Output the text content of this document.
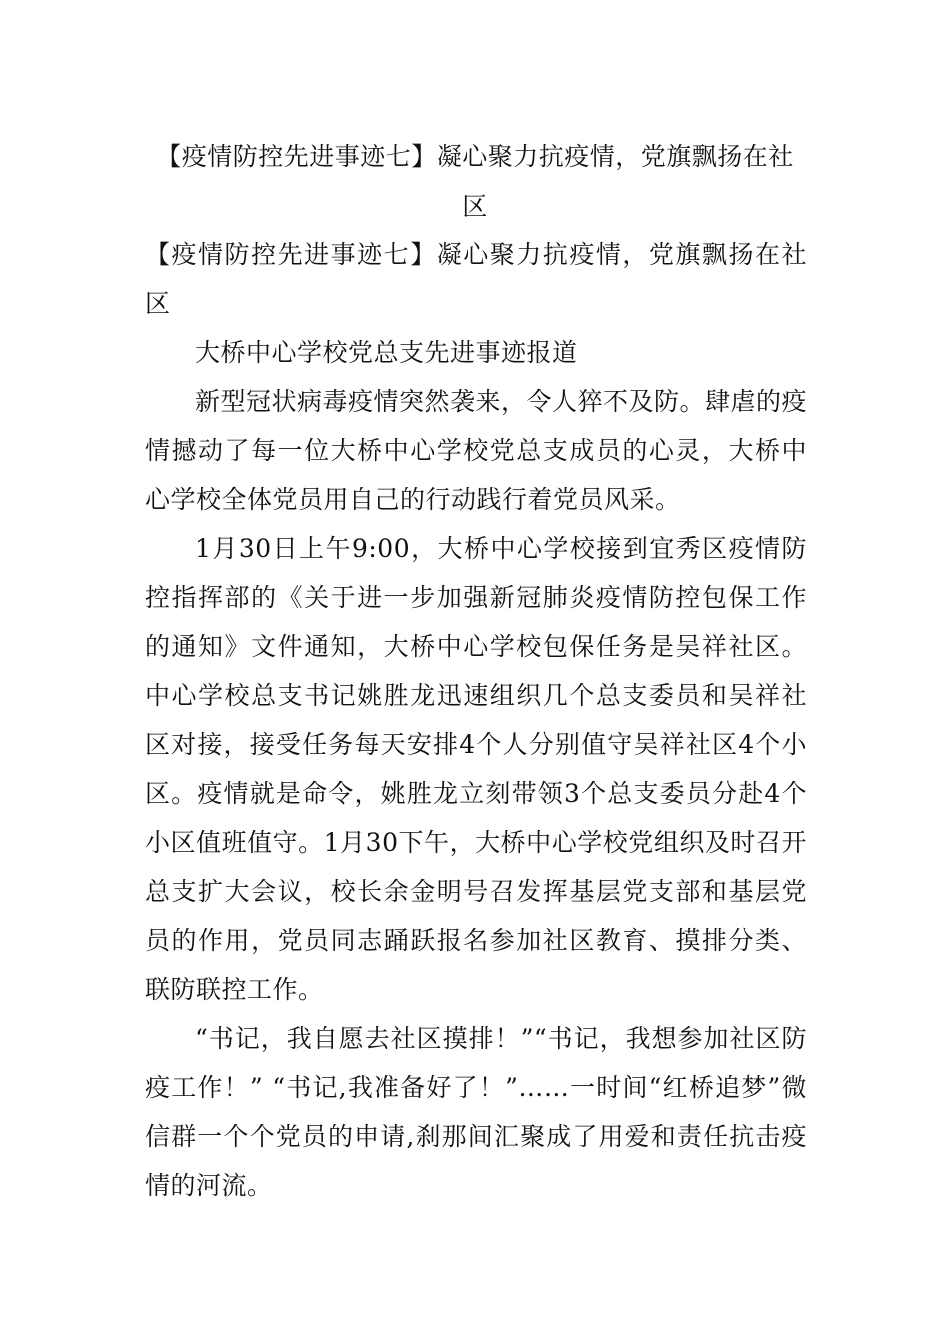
【疫情防控先进事迹七】凝心聚力抗疫情，党旗飘扬在社区

【疫情防控先进事迹七】凝心聚力抗疫情，党旗飘扬在社区

大桥中心学校党总支先进事迹报道

新型冠状病毒疫情突然袭来，令人猝不及防。肆虐的疫情撼动了每一位大桥中心学校党总支成员的心灵，大桥中心学校全体党员用自己的行动践行着党员风采。

1月30日上午9:00，大桥中心学校接到宜秀区疫情防控指挥部的《关于进一步加强新冠肺炎疫情防控包保工作的通知》文件通知，大桥中心学校包保任务是吴祥社区。中心学校总支书记姚胜龙迅速组织几个总支委员和吴祥社区对接，接受任务每天安排4个人分别值守吴祥社区4个小区。疫情就是命令，姚胜龙立刻带领3个总支委员分赴4个小区值班值守。1月30下午，大桥中心学校党组织及时召开总支扩大会议，校长余金明号召发挥基层党支部和基层党员的作用，党员同志踊跃报名参加社区教育、摸排分类、联防联控工作。

“书记，我自愿去社区摸排！”“书记，我想参加社区防疫工作！” “书记,我准备好了！”……一时间“红桥追梦”微信群一个个党员的申请,刹那间汇聚成了用爱和责任抗击疫情的河流。
